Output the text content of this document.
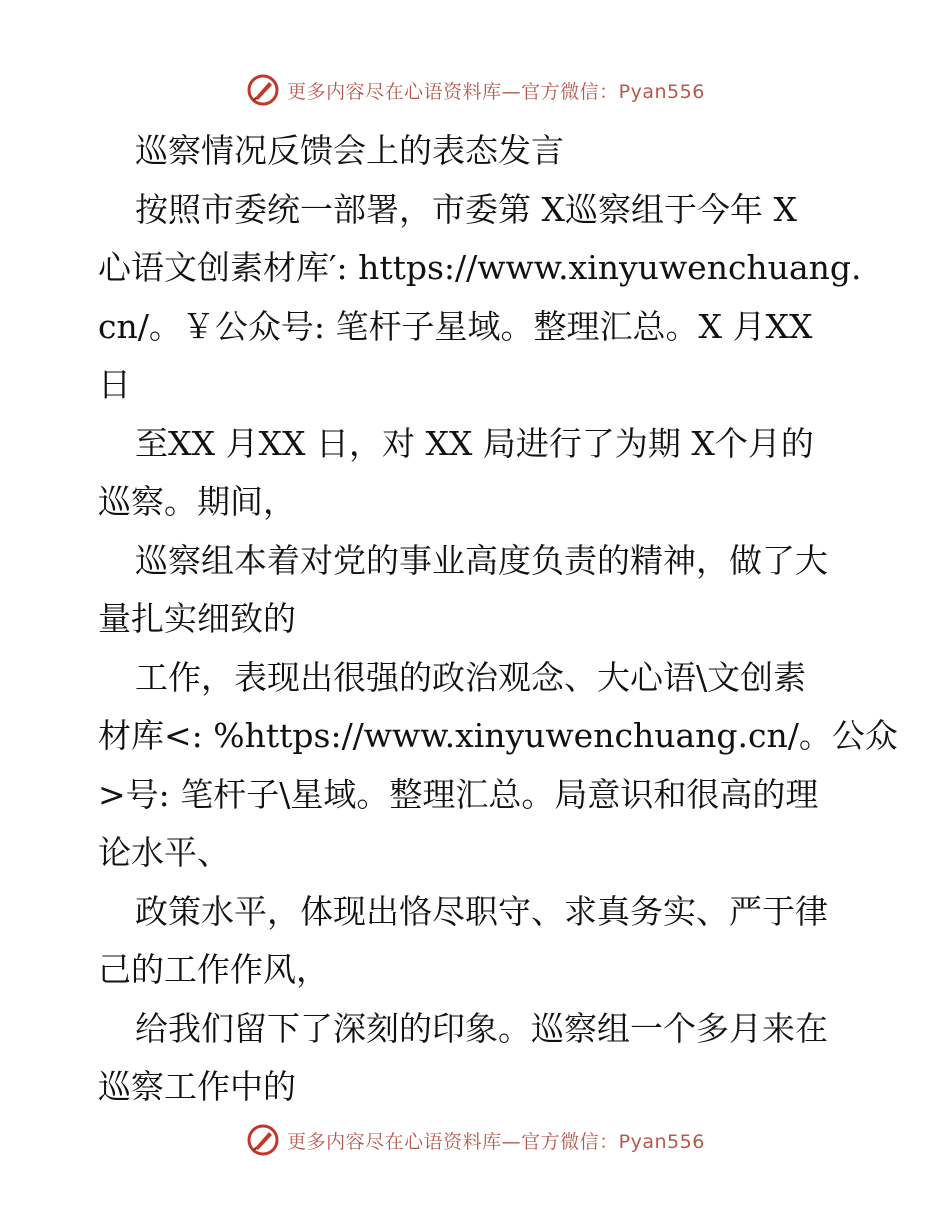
更多内容尽在心语资料库—官方微信：Pyan556
巡察情况反馈会上的表态发言
按照市委统一部署，市委第 X巡察组于今年 X
心语文创素材库′: https://www.xinyuwenchuang.
cn/。￥公众号: 笔杆子星域。整理汇总。X 月XX
日
至XX 月XX 日，对 XX 局进行了为期 X个月的
巡察。期间，
巡察组本着对党的事业高度负责的精神，做了大
量扎实细致的
工作，表现出很强的政治观念、大心语\文创素
材库<: %https://www.xinyuwenchuang.cn/。公众
>号: 笔杆子\星域。整理汇总。局意识和很高的理
论水平、
政策水平，体现出恪尽职守、求真务实、严于律
己的工作作风，
给我们留下了深刻的印象。巡察组一个多月来在
巡察工作中的
更多内容尽在心语资料库—官方微信：Pyan556
